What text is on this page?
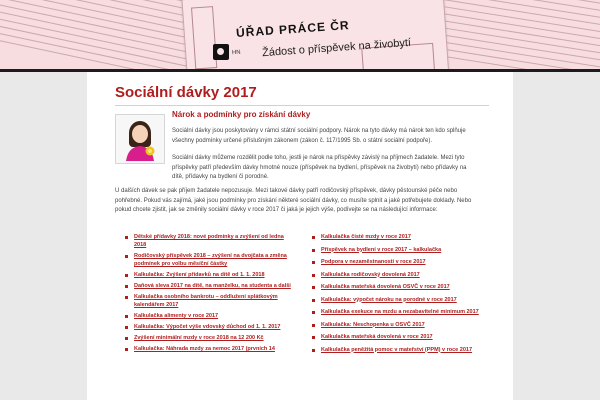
ÚŘAD PRÁCE ČR
HN Žádost o příspěvek na živobytí
Sociální dávky 2017
Nárok a podmínky pro získání dávky

Sociální dávky jsou poskytovány v rámci státní sociální podpory. Nárok na tyto dávky má nárok ten kdo splňuje všechny podmínky určené příslušným zákonem (zákon č. 117/1995 Sb. o státní sociální podpoře).

Sociální dávky můžeme rozdělit podle toho, jestli je nárok na příspěvky závislý na příjmech žadatele. Mezi tyto příspěvky patří především dávky hmotné nouze (příspěvek na bydlení, příspěvek na živobytí) nebo přídavky na dítě, přídavky na bydlení či porodné.

U dalších dávek se pak příjem žadatele nepozusuje. Mezi takové dávky patří rodičovský příspěvek, dávky pěstounské péče nebo pohřebné. Pokud vás zajímá, jaké jsou podmínky pro získání některé sociální dávky, co musíte splnit a jaké potřebujete doklady. Nebo pokud chcete zjistit, jak se změnily sociální dávky v roce 2017 či jaká je jejich výše, podívejte se na následující informace:

Dětské přídavky 2018: nové podmínky a zvýšení od ledna 2018
Rodičovský příspěvek 2018 – zvýšení na dvojčata a změna podmínek pro volbu měsíční částky
Kalkulačka: Zvýšení přídavků na dítě od 1. 1. 2018
Daňová sleva 2017 na dítě, na manželku, na studenta a další
Kalkulačka osobního bankrotu – oddlužení splátkovým kalendářem 2017
Kalkulačka alimenty v roce 2017
Kalkulačka: Výpočet výše vdovský důchod od 1. 1. 2017
Zvýšení minimální mzdy v roce 2018 na 12 200 Kč
Kalkulačka: Náhrada mzdy za nemoc 2017 (prvních 14
Kalkulačka čisté mzdy v roce 2017
Příspěvek na bydlení v roce 2017 – kalkulačka
Podpora v nezaměstnanosti v roce 2017
Kalkulačka rodičovský dovolená 2017
Kalkulačka mateřská dovolená OSVČ v roce 2017
Kalkulačka: výpočet nároku na porodné v roce 2017
Kalkulačka exekuce na mzdu a nezabavitelné minimum 2017
Kalkulačka: Neschopenka u OSVČ 2017
Kalkulačka mateřská dovolená v roce 2017
Kalkulačka peněžitá pomoc v mateřství (PPM) v roce 2017
